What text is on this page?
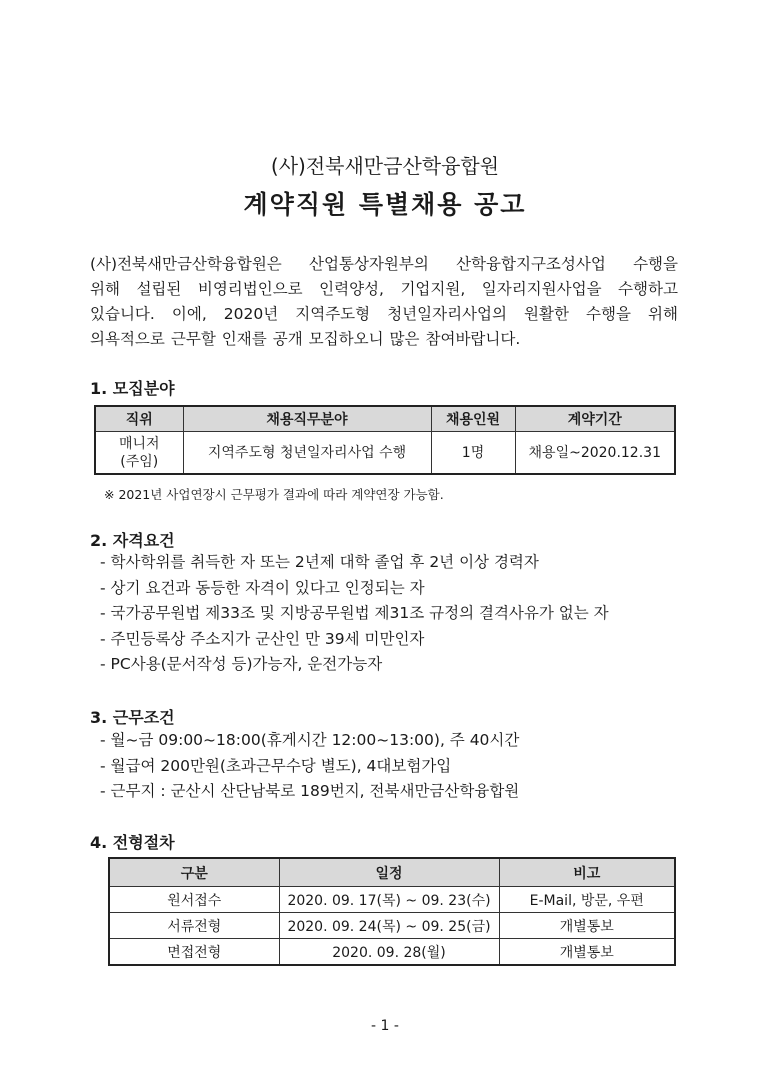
(사)전북새만금산학융합원
계약직원 특별채용 공고
(사)전북새만금산학융합원은 산업통상자원부의 산학융합지구조성사업 수행을
위해 설립된 비영리법인으로 인력양성, 기업지원, 일자리지원사업을 수행하고
있습니다. 이에, 2020년 지역주도형 청년일자리사업의 원활한 수행을 위해
의욕적으로 근무할 인재를 공개 모집하오니 많은 참여바랍니다.
1. 모집분야
직위	채용직무분야	채용인원	계약기간

매니저
(주임)	지역주도형 청년일자리사업 수행	1명	채용일~2020.12.31
※ 2021년 사업연장시 근무평가 결과에 따라 계약연장 가능함.
2. 자격요건
- 학사학위를 취득한 자 또는 2년제 대학 졸업 후 2년 이상 경력자
- 상기 요건과 동등한 자격이 있다고 인정되는 자
- 국가공무원법 제33조 및 지방공무원법 제31조 규정의 결격사유가 없는 자
- 주민등록상 주소지가 군산인 만 39세 미만인자
- PC사용(문서작성 등)가능자, 운전가능자
3. 근무조건
- 월~금 09:00~18:00(휴게시간 12:00~13:00), 주 40시간
- 월급여 200만원(초과근무수당 별도), 4대보험가입
- 근무지 : 군산시 산단남북로 189번지, 전북새만금산학융합원
4. 전형절차
구분	일정	비고
원서접수	2020. 09. 17(목) ~ 09. 23(수)	E-Mail, 방문, 우편
서류전형	2020. 09. 24(목) ~ 09. 25(금)	개별통보
면접전형	2020. 09. 28(월)	개별통보
- 1 -
